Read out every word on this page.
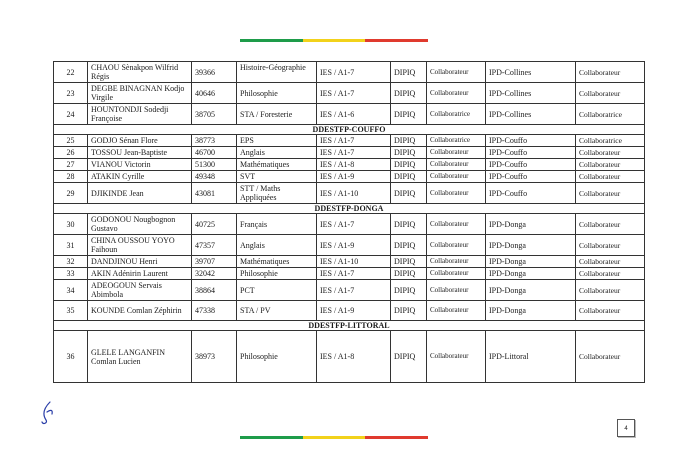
22	CHAOU Sènakpon Wilfrid Régis	39366	Histoire-Géographie	IES / A1-7	DIPIQ	Collaborateur	IPD-Collines	Collaborateur
23	DEGBE BINAGNAN Kodjo Virgile	40646	Philosophie	IES / A1-7	DIPIQ	Collaborateur	IPD-Collines	Collaborateur
24	HOUNTONDJI Sodedji Françoise	38705	STA / Foresterie	IES / A1-6	DIPIQ	Collaboratrice	IPD-Collines	Collaboratrice
DDESTFP-COUFFO								
25	GODJO Sénan Flore	38773	EPS	IES / A1-7	DIPIQ	Collaboratrice	IPD-Couffo	Collaboratrice
26	TOSSOU Jean-Baptiste	46700	Anglais	IES / A1-7	DIPIQ	Collaborateur	IPD-Couffo	Collaborateur
27	VIANOU Victorin	51300	Mathématiques	IES / A1-8	DIPIQ	Collaborateur	IPD-Couffo	Collaborateur
28	ATAKIN Cyrille	49348	SVT	IES / A1-9	DIPIQ	Collaborateur	IPD-Couffo	Collaborateur
29	DJIKINDE Jean	43081	STT / Maths Appliquées	IES / A1-10	DIPIQ	Collaborateur	IPD-Couffo	Collaborateur
DDESTFP-DONGA								
30	GODONOU Nougbognon Gustavo	40725	Français	IES / A1-7	DIPIQ	Collaborateur	IPD-Donga	Collaborateur
31	CHINA OUSSOU YOYO Faihoun	47357	Anglais	IES / A1-9	DIPIQ	Collaborateur	IPD-Donga	Collaborateur
32	DANDJINOU Henri	39707	Mathématiques	IES / A1-10	DIPIQ	Collaborateur	IPD-Donga	Collaborateur
33	AKIN Adénirin Laurent	32042	Philosophie	IES / A1-7	DIPIQ	Collaborateur	IPD-Donga	Collaborateur
34	ADEOGOUN Servais Abimbola	38864	PCT	IES / A1-7	DIPIQ	Collaborateur	IPD-Donga	Collaborateur
35	KOUNDE Comlan Zéphirin	47338	STA / PV	IES / A1-9	DIPIQ	Collaborateur	IPD-Donga	Collaborateur
DDESTFP-LITTORAL								
36	GLELE LANGANFIN Comlan Lucien	38973	Philosophie	IES / A1-8	DIPIQ	Collaborateur	IPD-Littoral	Collaborateur
4
